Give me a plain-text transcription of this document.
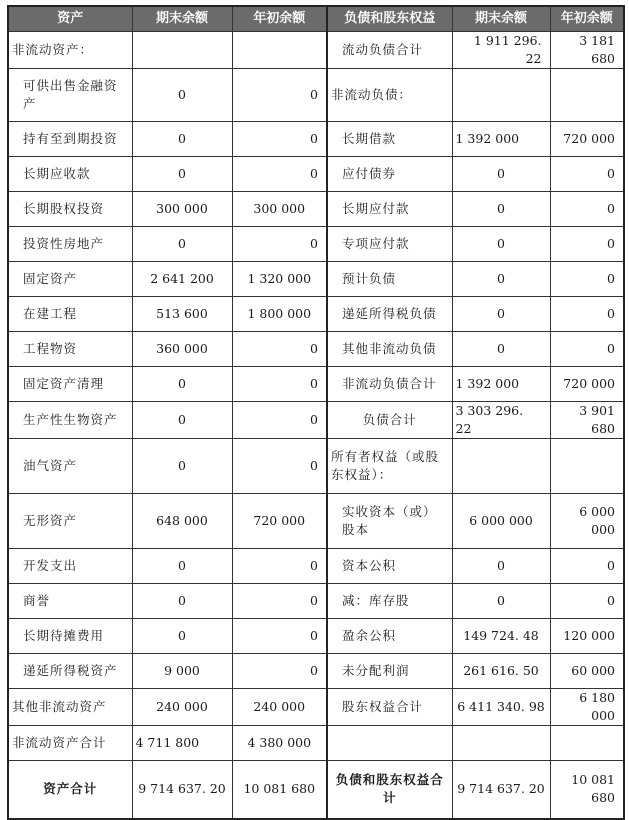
资产	期末余额	年初余额	负债和股东权益	期末余额	年初余额
非流动资产：			流动负债合计	1 911 296. 22	3 181 680
可供出售金融资产	0	0	非流动负债：		
持有至到期投资	0	0	长期借款	1 392 000	720 000
长期应收款	0	0	应付债券	0	0
长期股权投资	300 000	300 000	长期应付款	0	0
投资性房地产	0	0	专项应付款	0	0
固定资产	2 641 200	1 320 000	预计负债	0	0
在建工程	513 600	1 800 000	递延所得税负债	0	0
工程物资	360 000	0	其他非流动负债	0	0
固定资产清理	0	0	非流动负债合计	1 392 000	720 000
生产性生物资产	0	0	负债合计	3 303 296. 22	3 901 680
油气资产	0	0	所有者权益（或股东权益）：		
无形资产	648 000	720 000	实收资本（或）股本	6 000 000	6 000 000
开发支出	0	0	资本公积	0	0
商誉	0	0	减：库存股	0	0
长期待摊费用	0	0	盈余公积	149 724. 48	120 000
递延所得税资产	9 000	0	未分配利润	261 616. 50	60 000
其他非流动资产	240 000	240 000	股东权益合计	6 411 340. 98	6 180 000
非流动资产合计	4 711 800	4 380 000			
资产合计	9 714 637. 20	10 081 680	负债和股东权益合计	9 714 637. 20	10 081 680
